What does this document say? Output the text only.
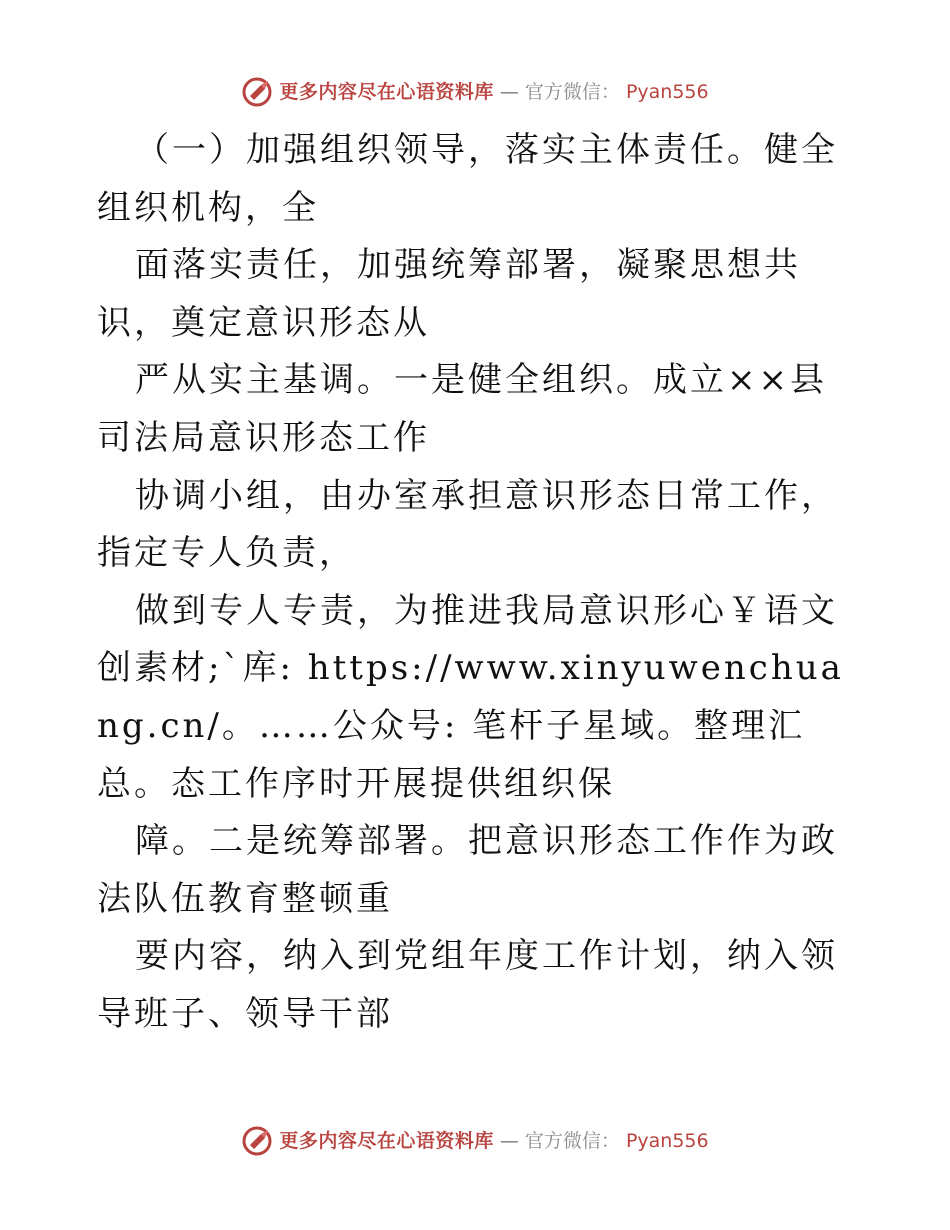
更多内容尽在心语资料库 — 官方微信： Pyan556

（一）加强组织领导，落实主体责任。健全组织机构，全

面落实责任，加强统筹部署，凝聚思想共识，奠定意识形态从

严从实主基调。一是健全组织。成立××县司法局意识形态工作

协调小组，由办室承担意识形态日常工作，指定专人负责，

做到专人专责，为推进我局意识形心￥语文创素材;`库: https://www.xinyuwenchuang.cn/。……公众号: 笔杆子星域。整理汇总。态工作序时开展提供组织保

障。二是统筹部署。把意识形态工作作为政法队伍教育整顿重

要内容，纳入到党组年度工作计划，纳入领导班子、领导干部

更多内容尽在心语资料库 — 官方微信： Pyan556
